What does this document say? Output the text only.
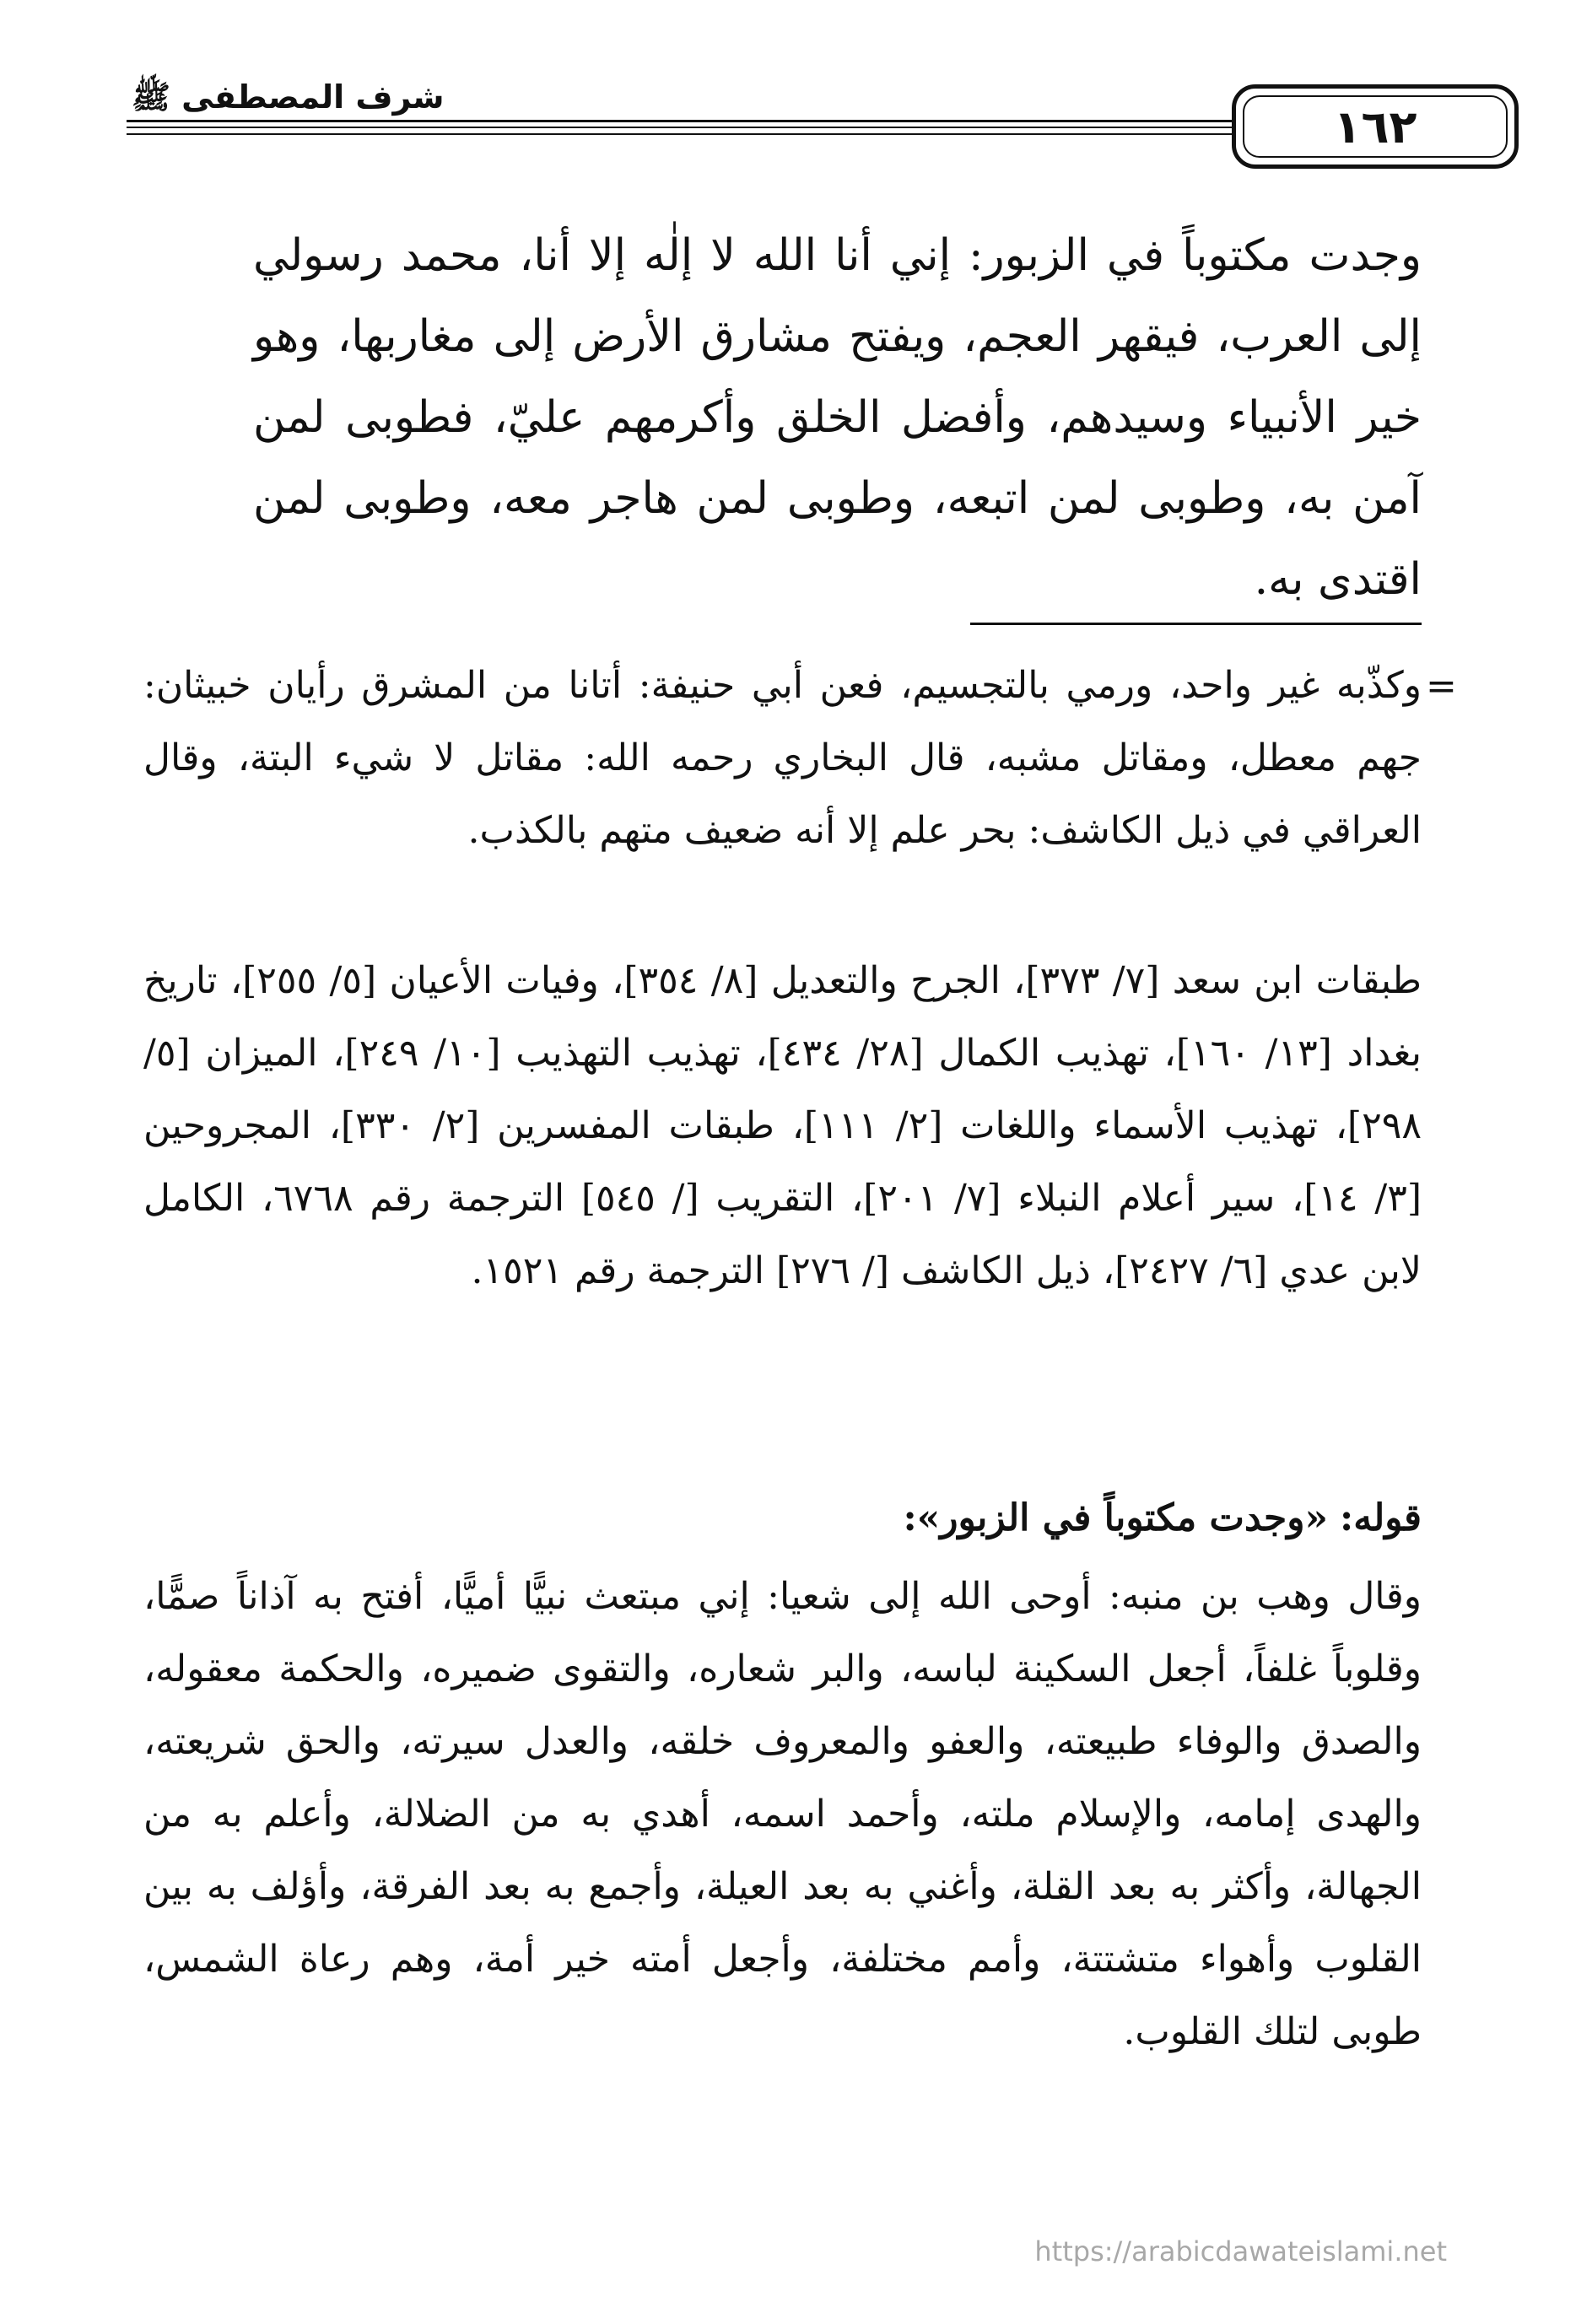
شرف المصطفى ﷺ
١٦٢
وجدت مكتوباً في الزبور: إني أنا الله لا إلٰه إلا أنا، محمد رسولي إلى العرب، فيقهر العجم، ويفتح مشارق الأرض إلى مغاربها، وهو خير الأنبياء وسيدهم، وأفضل الخلق وأكرمهم عليّ، فطوبى لمن آمن به، وطوبى لمن اتبعه، وطوبى لمن هاجر معه، وطوبى لمن اقتدى به.
=
وكذّبه غير واحد، ورمي بالتجسيم، فعن أبي حنيفة: أتانا من المشرق رأيان خبيثان: جهم معطل، ومقاتل مشبه، قال البخاري رحمه الله: مقاتل لا شيء البتة، وقال العراقي في ذيل الكاشف: بحر علم إلا أنه ضعيف متهم بالكذب.
طبقات ابن سعد [٧/ ٣٧٣]، الجرح والتعديل [٨/ ٣٥٤]، وفيات الأعيان [٥/ ٢٥٥]، تاريخ بغداد [١٣/ ١٦٠]، تهذيب الكمال [٢٨/ ٤٣٤]، تهذيب التهذيب [١٠/ ٢٤٩]، الميزان [٥/ ٢٩٨]، تهذيب الأسماء واللغات [٢/ ١١١]، طبقات المفسرين [٢/ ٣٣٠]، المجروحين [٣/ ١٤]، سير أعلام النبلاء [٧/ ٢٠١]، التقريب [/ ٥٤٥] الترجمة رقم ٦٧٦٨، الكامل لابن عدي [٦/ ٢٤٢٧]، ذيل الكاشف [/ ٢٧٦] الترجمة رقم ١٥٢١.
قوله: «وجدت مكتوباً في الزبور»:
وقال وهب بن منبه: أوحى الله إلى شعيا: إني مبتعث نبيًّا أميًّا، أفتح به آذاناً صمًّا، وقلوباً غلفاً، أجعل السكينة لباسه، والبر شعاره، والتقوى ضميره، والحكمة معقوله، والصدق والوفاء طبيعته، والعفو والمعروف خلقه، والعدل سيرته، والحق شريعته، والهدى إمامه، والإسلام ملته، وأحمد اسمه، أهدي به من الضلالة، وأعلم به من الجهالة، وأكثر به بعد القلة، وأغني به بعد العيلة، وأجمع به بعد الفرقة، وأؤلف به بين القلوب وأهواء متشتتة، وأمم مختلفة، وأجعل أمته خير أمة، وهم رعاة الشمس، طوبى لتلك القلوب.
https://arabicdawateislami.net
